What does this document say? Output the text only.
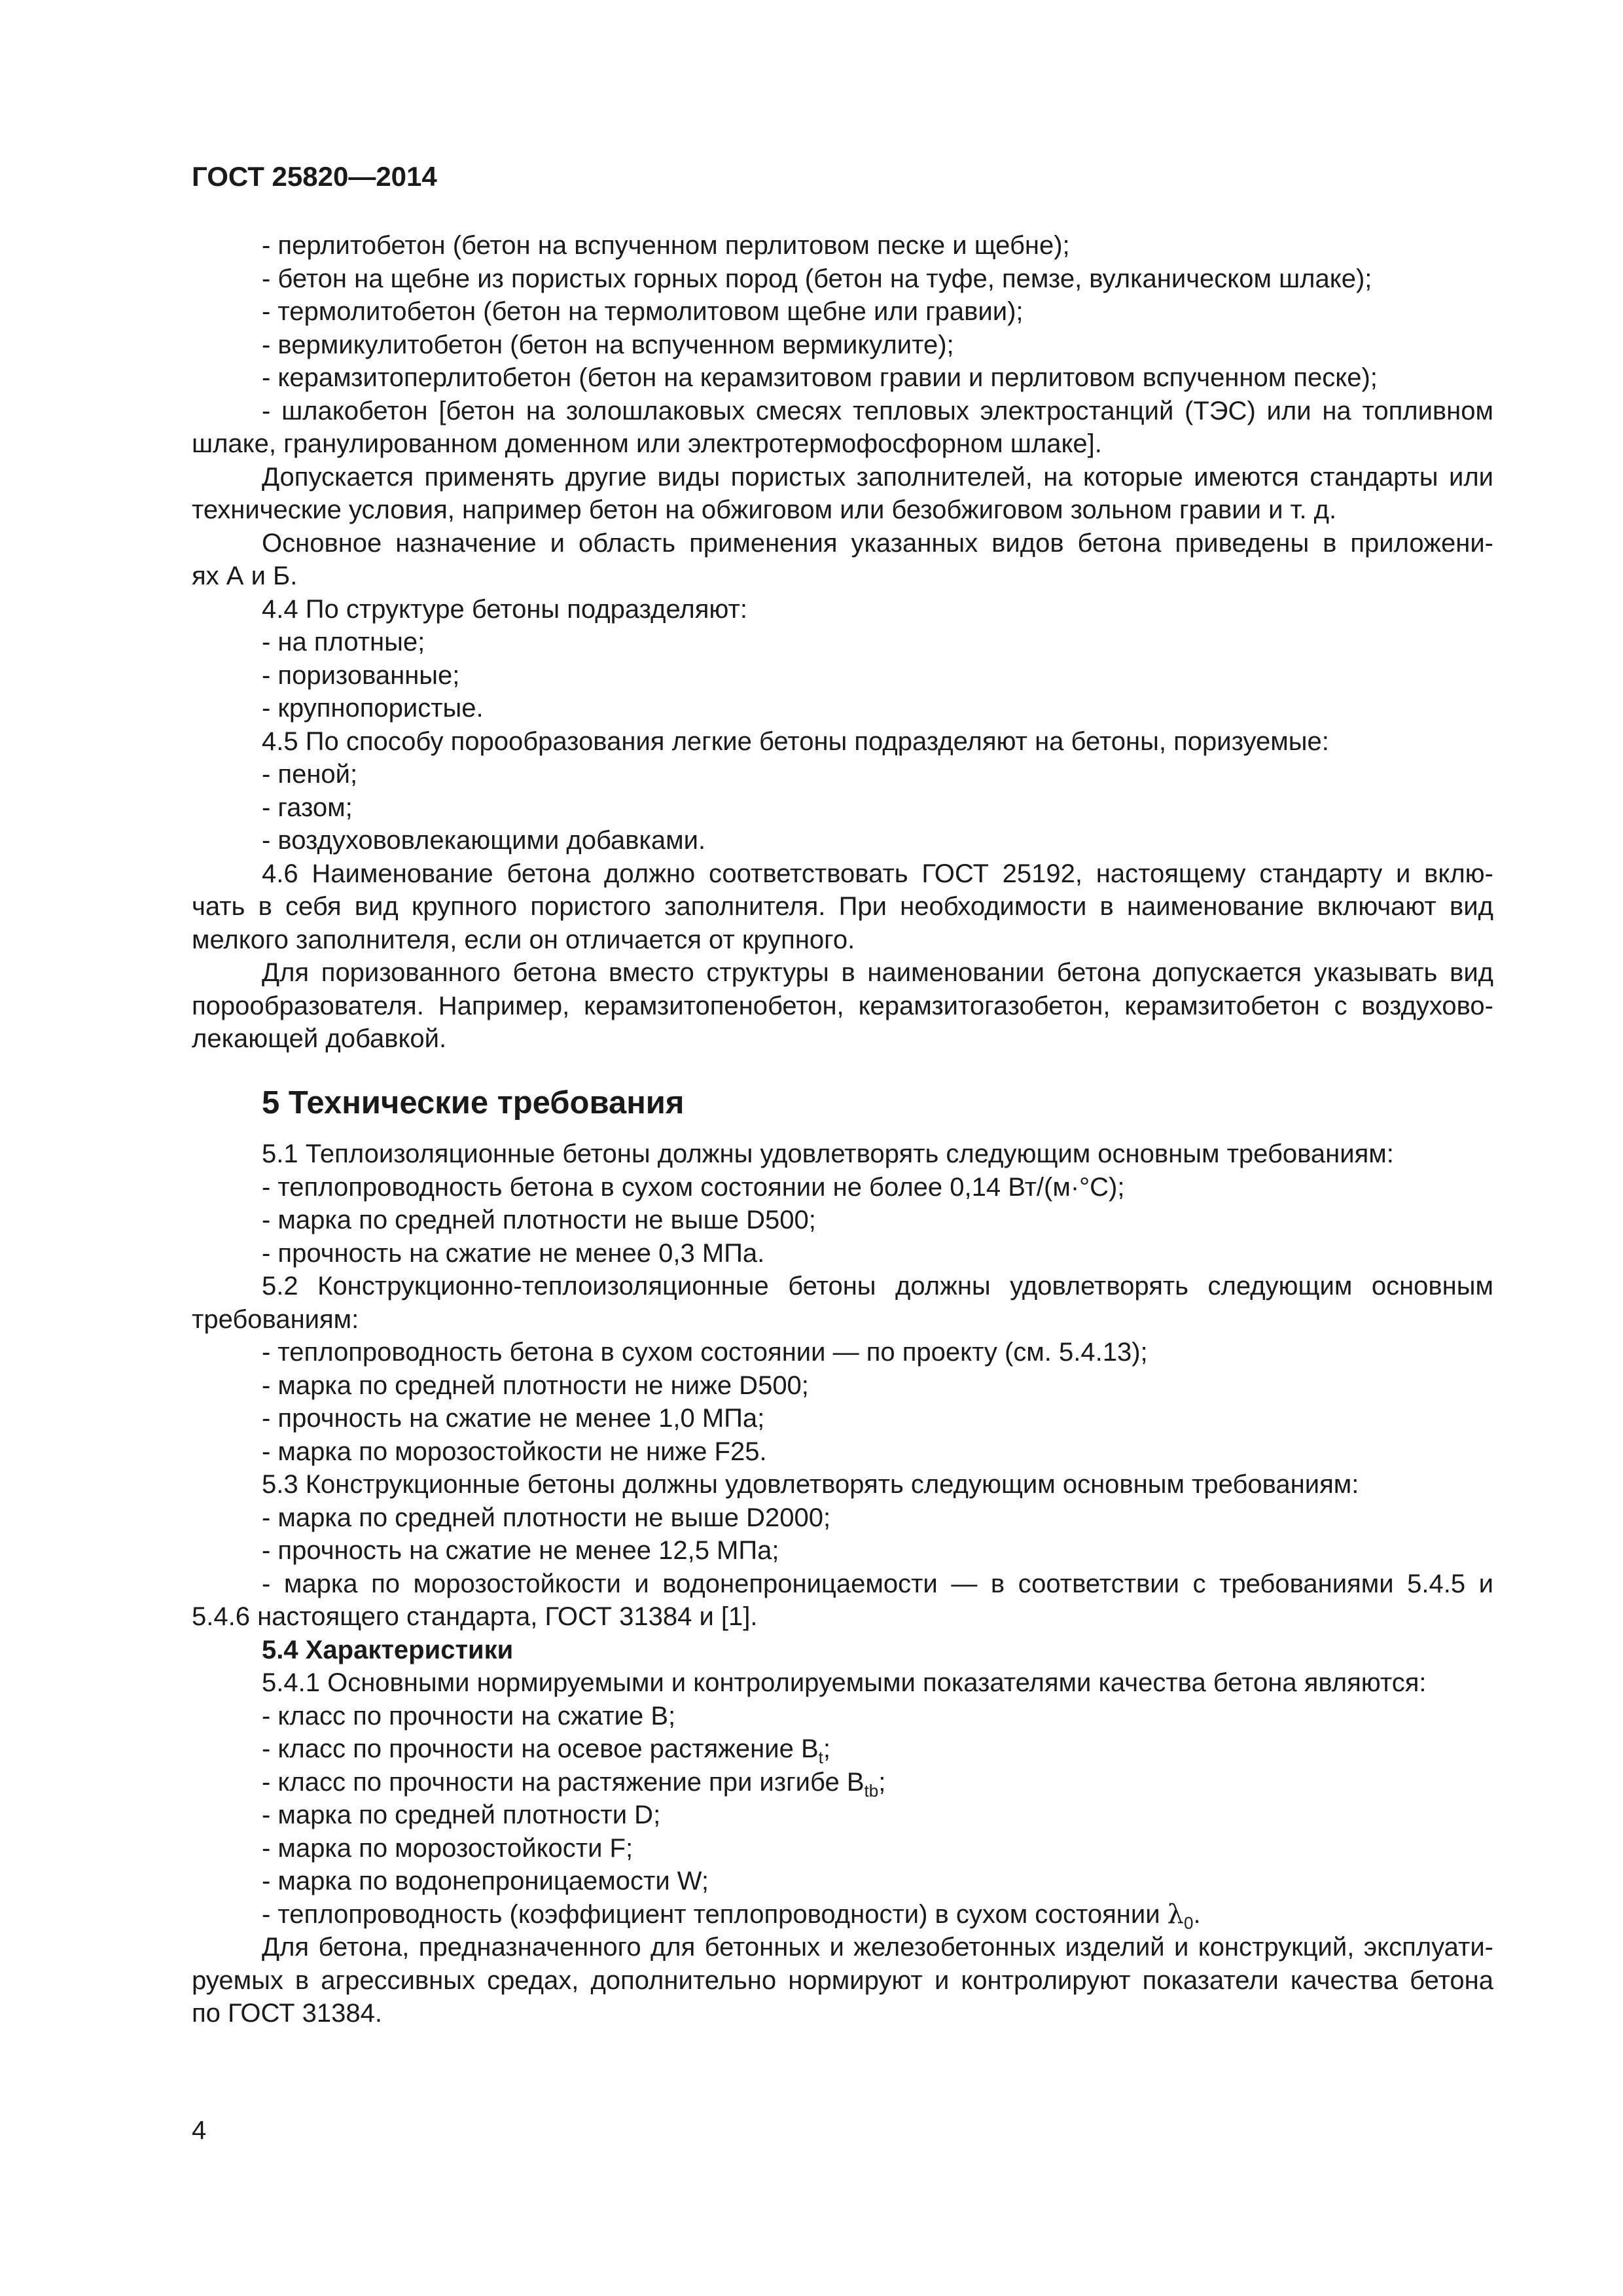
ГОСТ 25820—2014

- перлитобетон (бетон на вспученном перлитовом песке и щебне);

- бетон на щебне из пористых горных пород (бетон на туфе, пемзе, вулканическом шлаке);

- термолитобетон (бетон на термолитовом щебне или гравии);

- вермикулитобетон (бетон на вспученном вермикулите);

- керамзитоперлитобетон (бетон на керамзитовом гравии и перлитовом вспученном песке);

- шлакобетон [бетон на золошлаковых смесях тепловых электростанций (ТЭС) или на топливном

шлаке, гранулированном доменном или электротермофосфорном шлаке].

Допускается применять другие виды пористых заполнителей, на которые имеются стандарты или

технические условия, например бетон на обжиговом или безобжиговом зольном гравии и т. д.

Основное назначение и область применения указанных видов бетона приведены в приложени-

ях А и Б.

4.4 По структуре бетоны подразделяют:

- на плотные;

- поризованные;

- крупнопористые.

4.5 По способу порообразования легкие бетоны подразделяют на бетоны, поризуемые:

- пеной;

- газом;

- воздухововлекающими добавками.

4.6 Наименование бетона должно соответствовать ГОСТ 25192, настоящему стандарту и вклю-

чать в себя вид крупного пористого заполнителя. При необходимости в наименование включают вид

мелкого заполнителя, если он отличается от крупного.

Для поризованного бетона вместо структуры в наименовании бетона допускается указывать вид

порообразователя. Например, керамзитопенобетон, керамзитогазобетон, керамзитобетон с воздухово-

лекающей добавкой.

5 Технические требования

5.1 Теплоизоляционные бетоны должны удовлетворять следующим основным требованиям:

- теплопроводность бетона в сухом состоянии не более 0,14 Вт/(м·°С);

- марка по средней плотности не выше D500;

- прочность на сжатие не менее 0,3 МПа.

5.2 Конструкционно-теплоизоляционные бетоны должны удовлетворять следующим основным

требованиям:

- теплопроводность бетона в сухом состоянии — по проекту (см. 5.4.13);

- марка по средней плотности не ниже D500;

- прочность на сжатие не менее 1,0 МПа;

- марка по морозостойкости не ниже F25.

5.3 Конструкционные бетоны должны удовлетворять следующим основным требованиям:

- марка по средней плотности не выше D2000;

- прочность на сжатие не менее 12,5 МПа;

- марка по морозостойкости и водонепроницаемости — в соответствии с требованиями 5.4.5 и

5.4.6 настоящего стандарта, ГОСТ 31384 и [1].

5.4 Характеристики

5.4.1 Основными нормируемыми и контролируемыми показателями качества бетона являются:

- класс по прочности на сжатие В;

- класс по прочности на осевое растяжение $В_t$;

- класс по прочности на растяжение при изгибе $В_{tb}$;

- марка по средней плотности D;

- марка по морозостойкости F;

- марка по водонепроницаемости W;

- теплопроводность (коэффициент теплопроводности) в сухом состоянии $\lambda_0$.

Для бетона, предназначенного для бетонных и железобетонных изделий и конструкций, эксплуати-

руемых в агрессивных средах, дополнительно нормируют и контролируют показатели качества бетона

по ГОСТ 31384.

4
